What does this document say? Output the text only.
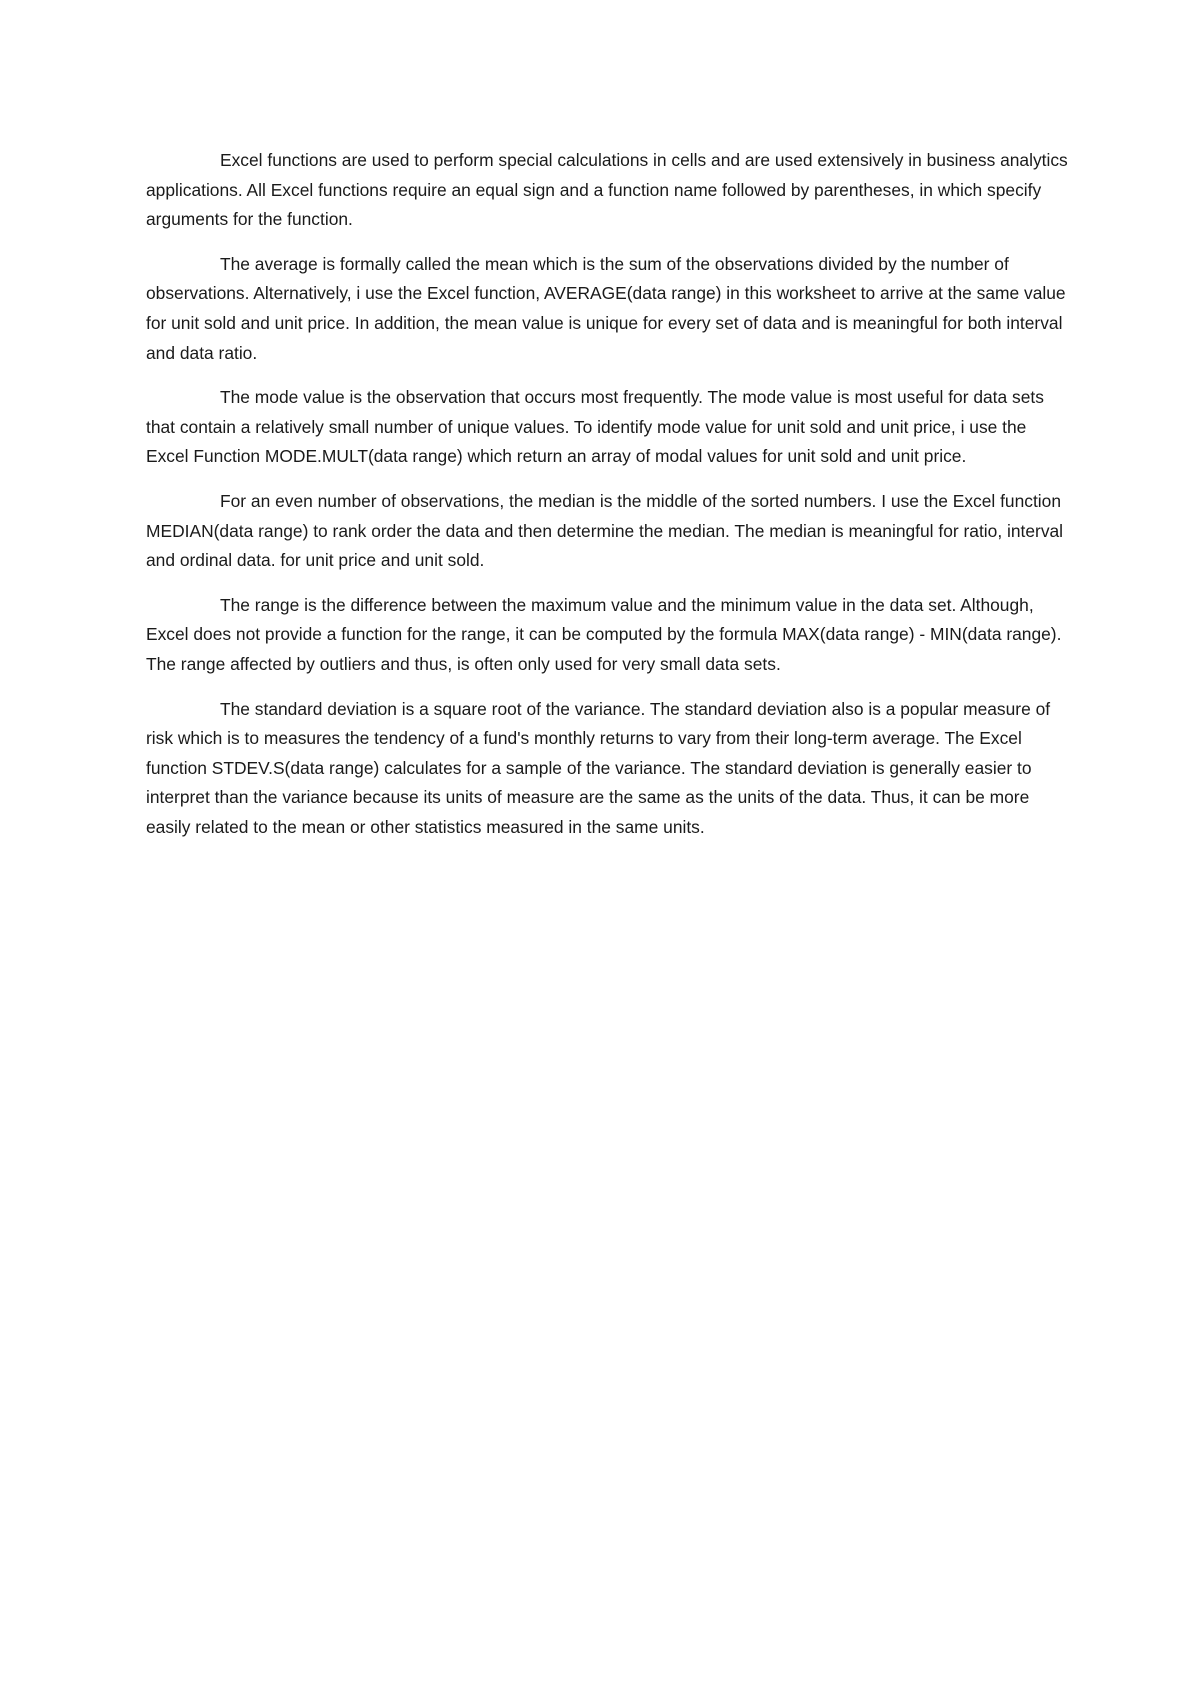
Excel functions are used to perform special calculations in cells and are used extensively in business analytics applications. All Excel functions require an equal sign and a function name followed by parentheses, in which specify arguments for the function.

The average is formally called the mean which is the sum of the observations divided by the number of observations. Alternatively, i use the Excel function, AVERAGE(data range) in this worksheet to arrive at the same value for unit sold and unit price. In addition, the mean value is unique for every set of data and is meaningful for both interval and data ratio.

The mode value is the observation that occurs most frequently. The mode value is most useful for data sets that contain a relatively small number of unique values. To identify mode value for unit sold and unit price, i use the Excel Function MODE.MULT(data range) which return an array of modal values for unit sold and unit price.

For an even number of observations, the median is the middle of the sorted numbers. I use the Excel function MEDIAN(data range) to rank order the data and then determine the median. The median is meaningful for ratio, interval and ordinal data. for unit price and unit sold.

The range is the difference between the maximum value and the minimum value in the data set. Although, Excel does not provide a function for the range, it can be computed by the formula MAX(data range) - MIN(data range). The range affected by outliers and thus, is often only used for very small data sets.

The standard deviation is a square root of the variance. The standard deviation also is a popular measure of risk which is to measures the tendency of a fund's monthly returns to vary from their long-term average. The Excel function STDEV.S(data range) calculates for a sample of the variance. The standard deviation is generally easier to interpret than the variance because its units of measure are the same as the units of the data. Thus, it can be more easily related to the mean or other statistics measured in the same units.
